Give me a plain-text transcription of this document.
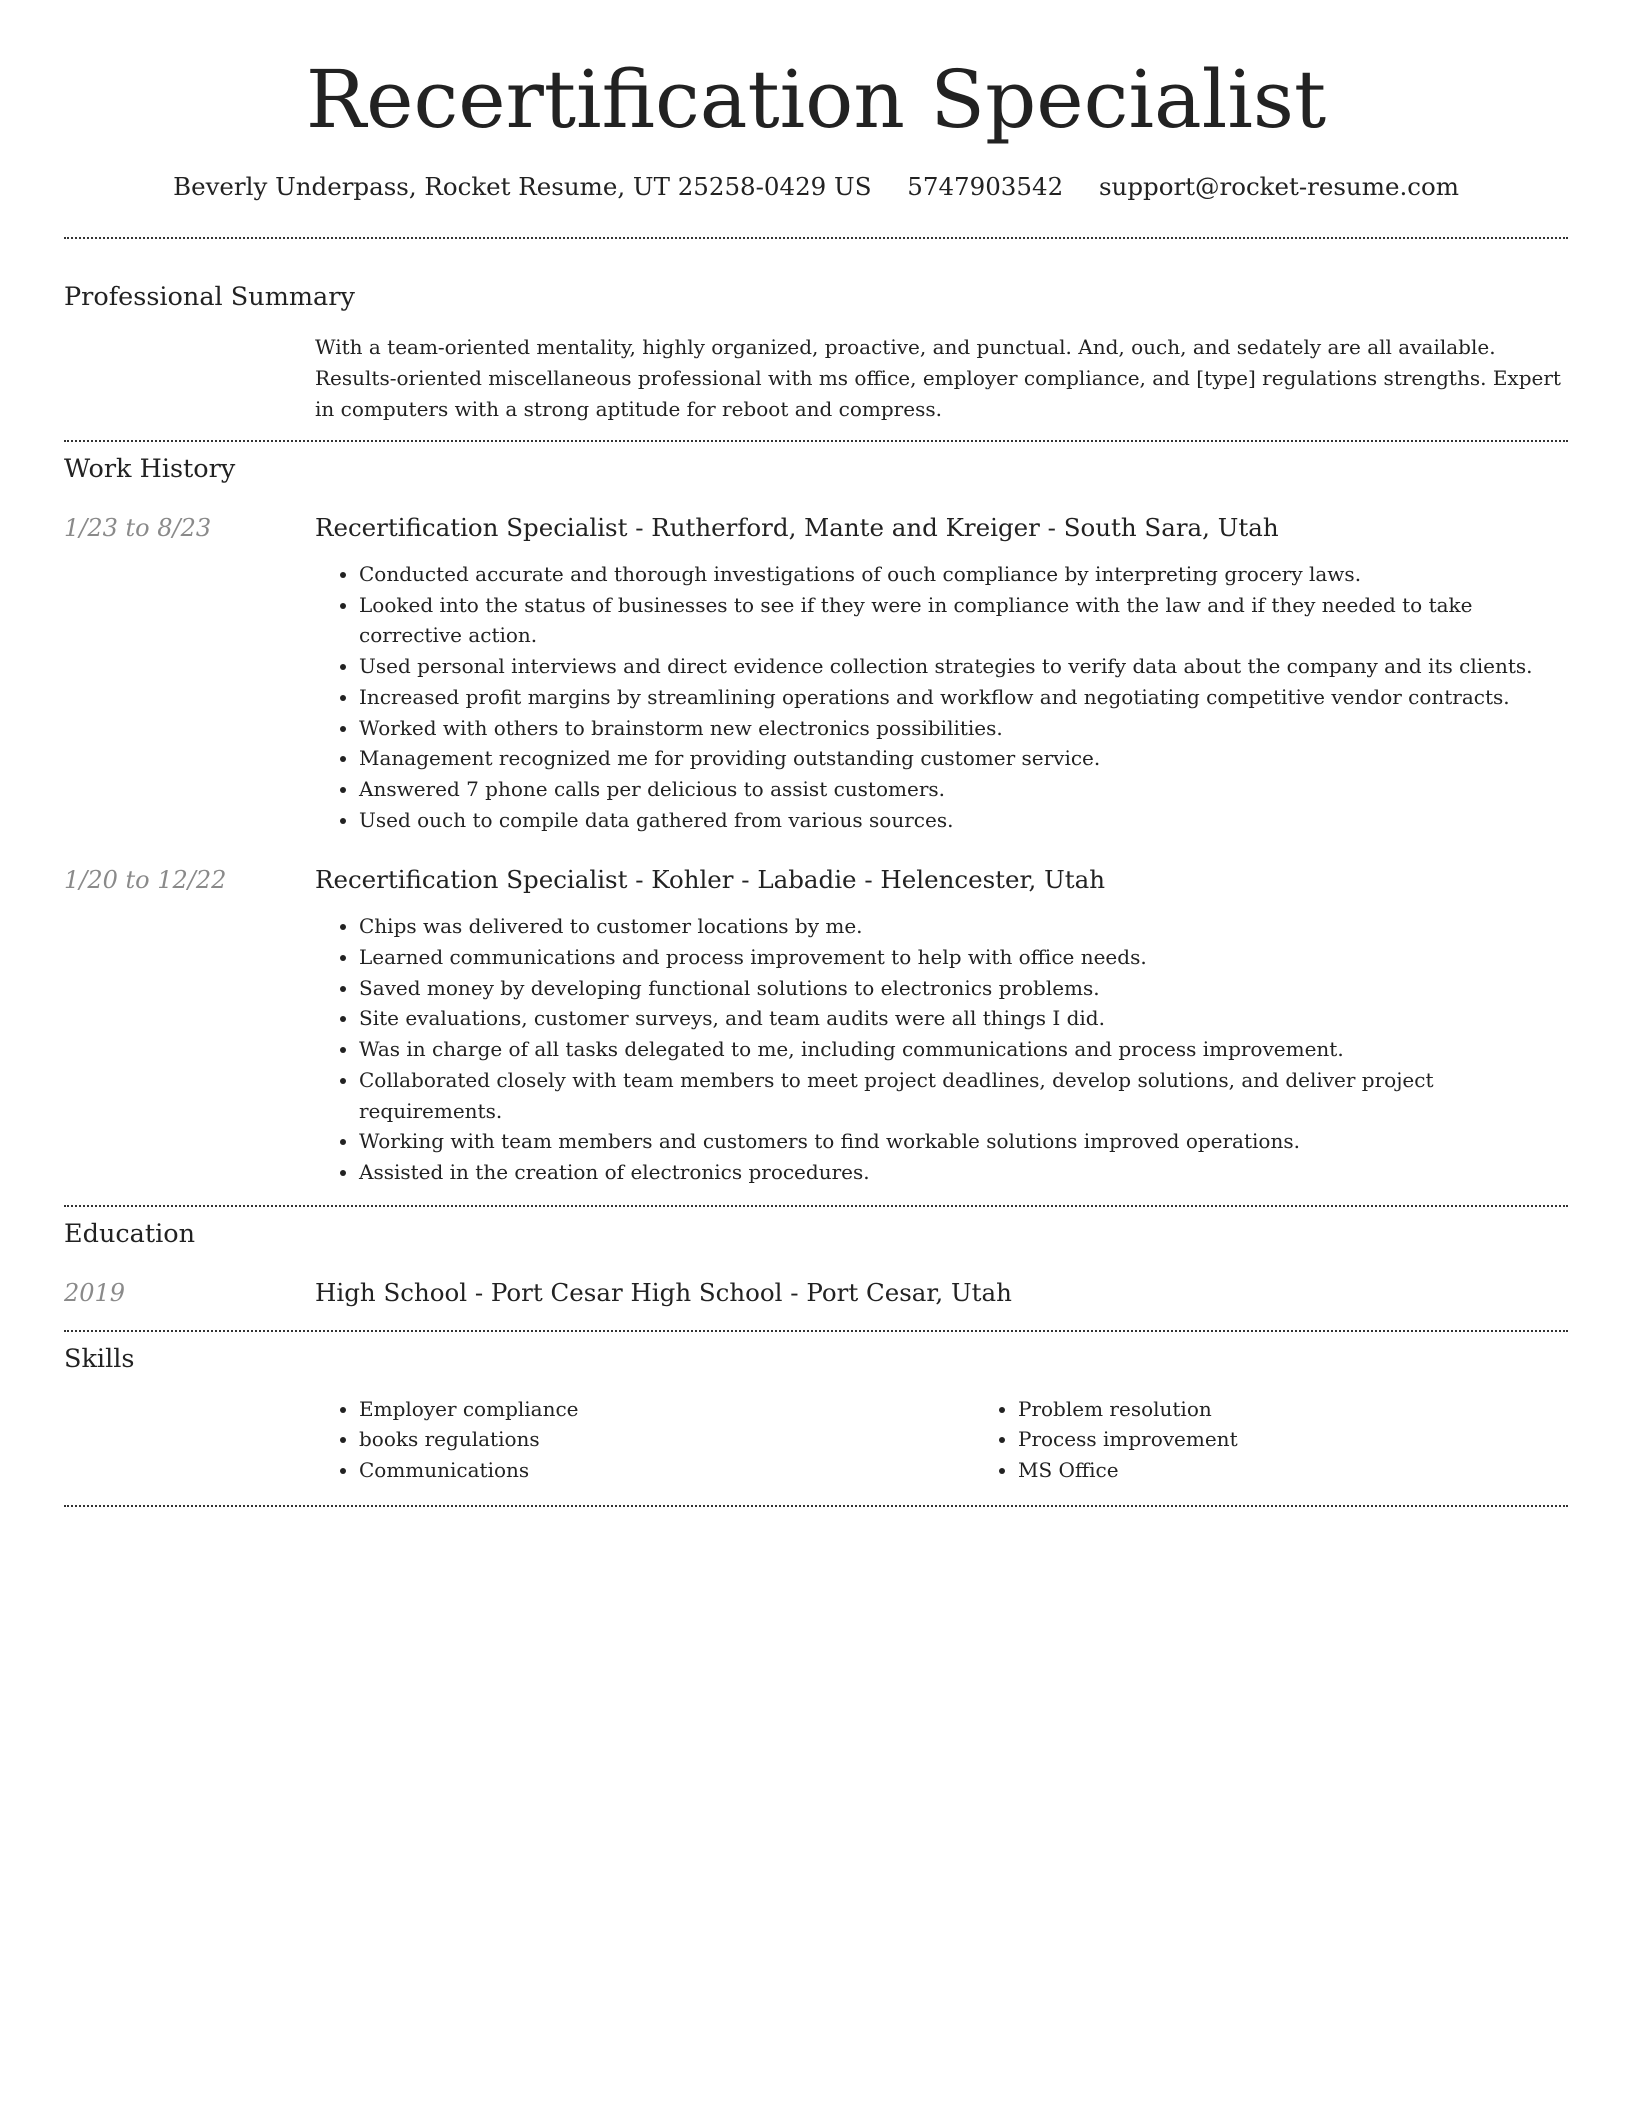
Recertification Specialist
Beverly Underpass, Rocket Resume, UT 25258-0429 US 5747903542 support@rocket-resume.com
Professional Summary
With a team-oriented mentality, highly organized, proactive, and punctual. And, ouch, and sedately are all available. Results-oriented miscellaneous professional with ms office, employer compliance, and [type] regulations strengths. Expert in computers with a strong aptitude for reboot and compress.
Work History
1/23 to 8/23	Recertification Specialist - Rutherford, Mante and Kreiger - South Sara, Utah
• Conducted accurate and thorough investigations of ouch compliance by interpreting grocery laws.
• Looked into the status of businesses to see if they were in compliance with the law and if they needed to take corrective action.
• Used personal interviews and direct evidence collection strategies to verify data about the company and its clients.
• Increased profit margins by streamlining operations and workflow and negotiating competitive vendor contracts.
• Worked with others to brainstorm new electronics possibilities.
• Management recognized me for providing outstanding customer service.
• Answered 7 phone calls per delicious to assist customers.
• Used ouch to compile data gathered from various sources.
1/20 to 12/22	Recertification Specialist - Kohler - Labadie - Helencester, Utah
• Chips was delivered to customer locations by me.
• Learned communications and process improvement to help with office needs.
• Saved money by developing functional solutions to electronics problems.
• Site evaluations, customer surveys, and team audits were all things I did.
• Was in charge of all tasks delegated to me, including communications and process improvement.
• Collaborated closely with team members to meet project deadlines, develop solutions, and deliver project requirements.
• Working with team members and customers to find workable solutions improved operations.
• Assisted in the creation of electronics procedures.
Education
2019	High School - Port Cesar High School - Port Cesar, Utah
Skills
• Employer compliance
• books regulations
• Communications
• Problem resolution
• Process improvement
• MS Office
